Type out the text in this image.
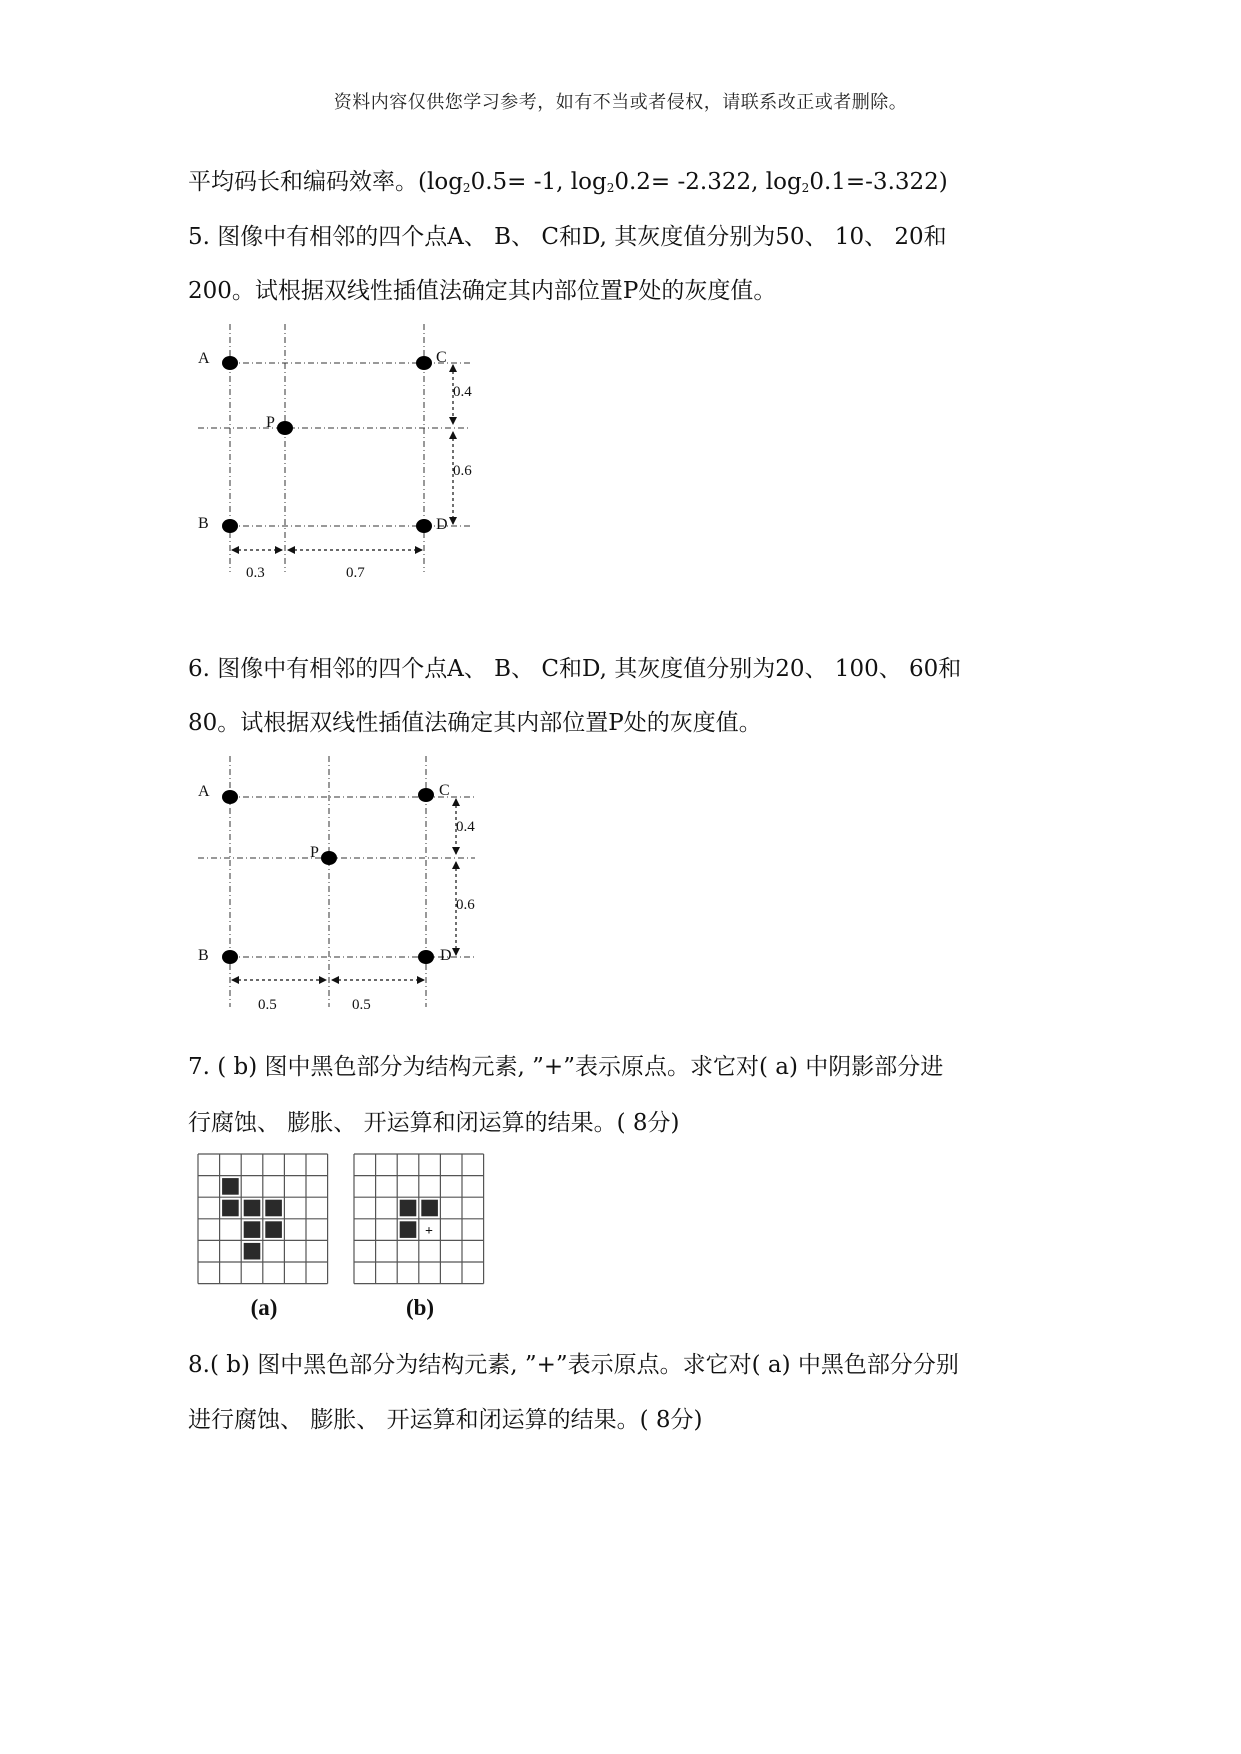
资料内容仅供您学习参考，如有不当或者侵权，请联系改正或者删除。
平均码长和编码效率。($\log_20.5= -1$, $\log_20.2= -2.322$, $\log_20.1=-3.322$)
5. 图像中有相邻的四个点A、 B、 C和D, 其灰度值分别为50、 10、 20和
200。试根据双线性插值法确定其内部位置P处的灰度值。
A	C
P
B	D
0.4
0.6
0.3	0.7
6. 图像中有相邻的四个点A、 B、 C和D, 其灰度值分别为20、 100、 60和
80。试根据双线性插值法确定其内部位置P处的灰度值。
A	C
P
B	D
0.4
0.6
0.5	0.5
7. ( b) 图中黑色部分为结构元素, ”+”表示原点。求它对( a) 中阴影部分进
行腐蚀、 膨胀、 开运算和闭运算的结果。( 8分)
+
(a)	(b)
8.( b) 图中黑色部分为结构元素, ”+”表示原点。求它对( a) 中黑色部分分别
进行腐蚀、 膨胀、 开运算和闭运算的结果。( 8分)
